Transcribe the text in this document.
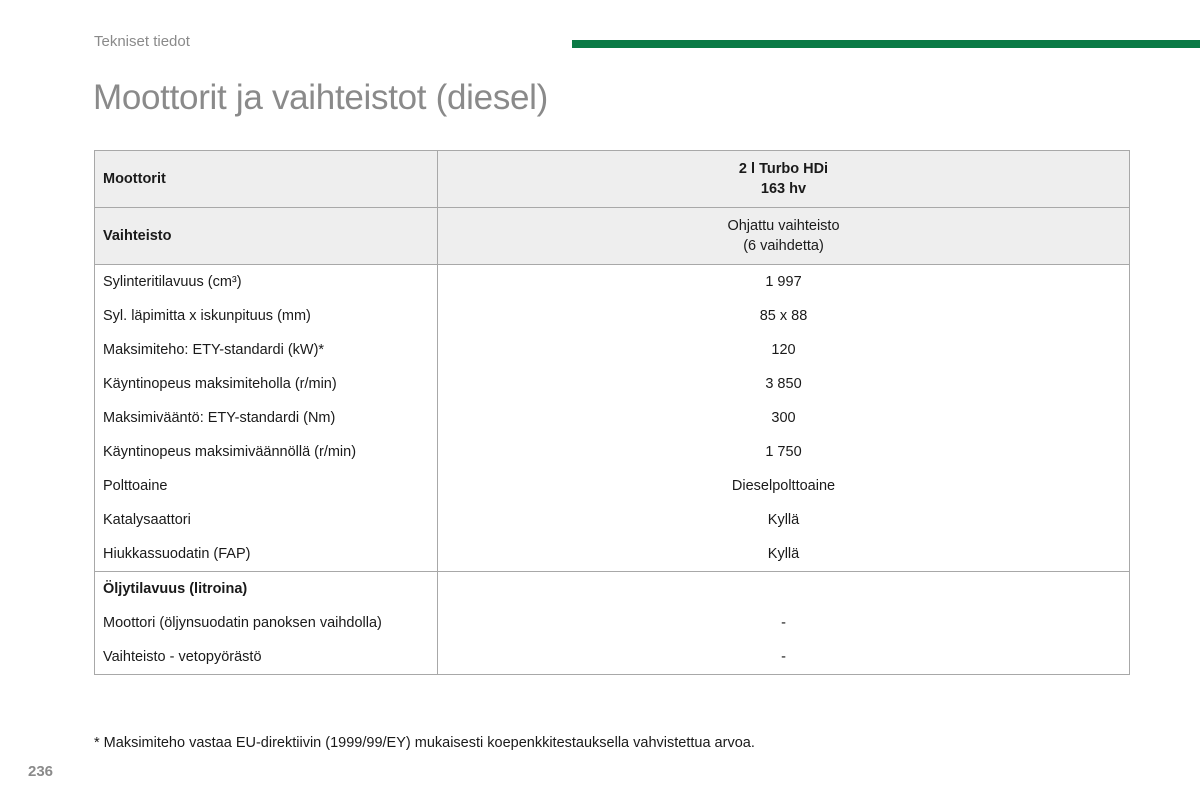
Tekniset tiedot
Moottorit ja vaihteistot (diesel)
Moottorit	2 l Turbo HDi
163 hv

Vaihteisto	Ohjattu vaihteisto
(6 vaihdetta)

Sylinteritilavuus (cm³)	1 997
Syl. läpimitta x iskunpituus (mm)	85 x 88
Maksimiteho: ETY-standardi (kW)*	120
Käyntinopeus maksimiteholla (r/min)	3 850
Maksimivääntö: ETY-standardi (Nm)	300
Käyntinopeus maksimiväännöllä (r/min)	1 750
Polttoaine	Dieselpolttoaine
Katalysaattori	Kyllä
Hiukkassuodatin (FAP)	Kyllä
Öljytilavuus (litroina)	
Moottori (öljynsuodatin panoksen vaihdolla)	-
Vaihteisto - vetopyörästö	-
* Maksimiteho vastaa EU-direktiivin (1999/99/EY) mukaisesti koepenkkitestauksella vahvistettua arvoa.
236
